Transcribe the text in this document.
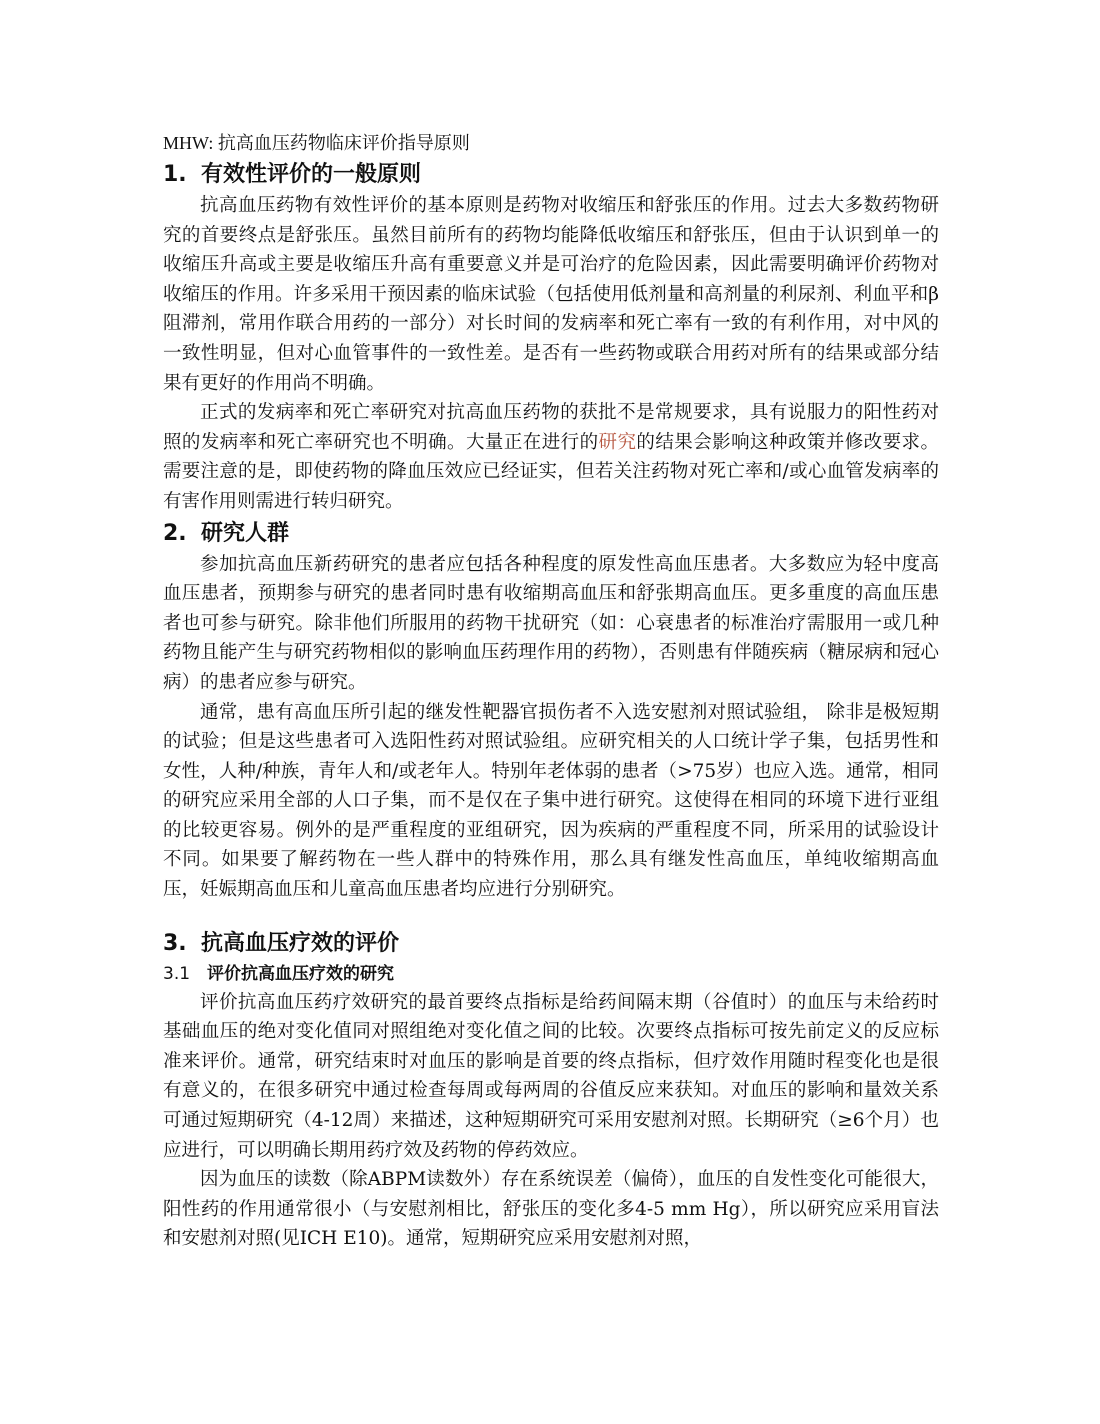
MHW: 抗高血压药物临床评价指导原则
1. 有效性评价的一般原则

抗高血压药物有效性评价的基本原则是药物对收缩压和舒张压的作用。过去大多数药物研究的首要终点是舒张压。虽然目前所有的药物均能降低收缩压和舒张压，但由于认识到单一的收缩压升高或主要是收缩压升高有重要意义并是可治疗的危险因素，因此需要明确评价药物对收缩压的作用。许多采用干预因素的临床试验（包括使用低剂量和高剂量的利尿剂、利血平和β阻滞剂，常用作联合用药的一部分）对长时间的发病率和死亡率有一致的有利作用，对中风的一致性明显，但对心血管事件的一致性差。是否有一些药物或联合用药对所有的结果或部分结果有更好的作用尚不明确。

正式的发病率和死亡率研究对抗高血压药物的获批不是常规要求，具有说服力的阳性药对照的发病率和死亡率研究也不明确。大量正在进行的研究的结果会影响这种政策并修改要求。需要注意的是，即使药物的降血压效应已经证实，但若关注药物对死亡率和/或心血管发病率的有害作用则需进行转归研究。

2. 研究人群

参加抗高血压新药研究的患者应包括各种程度的原发性高血压患者。大多数应为轻中度高血压患者，预期参与研究的患者同时患有收缩期高血压和舒张期高血压。更多重度的高血压患者也可参与研究。除非他们所服用的药物干扰研究（如：心衰患者的标准治疗需服用一或几种药物且能产生与研究药物相似的影响血压药理作用的药物），否则患有伴随疾病（糖尿病和冠心病）的患者应参与研究。

通常，患有高血压所引起的继发性靶器官损伤者不入选安慰剂对照试验组， 除非是极短期的试验；但是这些患者可入选阳性药对照试验组。应研究相关的人口统计学子集，包括男性和女性，人种/种族，青年人和/或老年人。特别年老体弱的患者（>75岁）也应入选。通常，相同的研究应采用全部的人口子集，而不是仅在子集中进行研究。这使得在相同的环境下进行亚组的比较更容易。例外的是严重程度的亚组研究，因为疾病的严重程度不同，所采用的试验设计不同。如果要了解药物在一些人群中的特殊作用，那么具有继发性高血压，单纯收缩期高血压，妊娠期高血压和儿童高血压患者均应进行分别研究。

3. 抗高血压疗效的评价
3.1 评价抗高血压疗效的研究

评价抗高血压药疗效研究的最首要终点指标是给药间隔末期（谷值时）的血压与未给药时基础血压的绝对变化值同对照组绝对变化值之间的比较。次要终点指标可按先前定义的反应标准来评价。通常，研究结束时对血压的影响是首要的终点指标，但疗效作用随时程变化也是很有意义的，在很多研究中通过检查每周或每两周的谷值反应来获知。对血压的影响和量效关系可通过短期研究（4-12周）来描述，这种短期研究可采用安慰剂对照。长期研究（≥6个月）也应进行，可以明确长期用药疗效及药物的停药效应。

因为血压的读数（除ABPM读数外）存在系统误差（偏倚），血压的自发性变化可能很大，阳性药的作用通常很小（与安慰剂相比，舒张压的变化多4-5 mm Hg），所以研究应采用盲法和安慰剂对照(见ICH E10)。通常，短期研究应采用安慰剂对照，
